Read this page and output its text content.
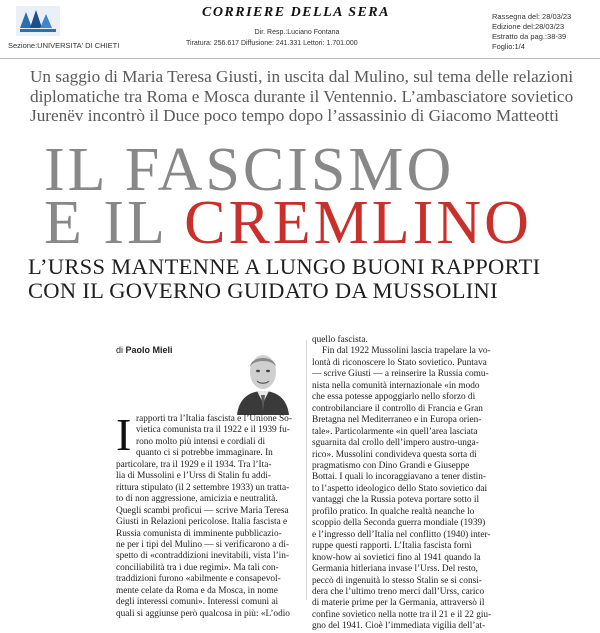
Sezione:UNIVERSITA' DI CHIETI
CORRIERE DELLA SERA
Dir. Resp.:Luciano Fontana
Tiratura: 256.617 Diffusione: 241.331 Lettori: 1.701.000
Rassegna del: 28/03/23
Edizione del:28/03/23
Estratto da pag.:38-39
Foglio:1/4
Un saggio di Maria Teresa Giusti, in uscita dal Mulino, sul tema delle relazioni diplomatiche tra Roma e Mosca durante il Ventennio. L’ambasciatore sovietico Jurenëv incontrò il Duce poco tempo dopo l’assassinio di Giacomo Matteotti
IL FASCISMO
E IL CREMLINO
L’URSS MANTENNE A LUNGO BUONI RAPPORTI
CON IL GOVERNO GUIDATO DA MUSSOLINI
di Paolo Mieli
I rapporti tra l’Italia fascista e l’Unione So-
vietica comunista tra il 1922 e il 1939 fu-
rono molto più intensi e cordiali di
quanto ci si potrebbe immaginare. In
particolare, tra il 1929 e il 1934. Tra l’Ita-
lia di Mussolini e l’Urss di Stalin fu addi-
rittura stipulato (il 2 settembre 1933) un tratta-
to di non aggressione, amicizia e neutralità.
Quegli scambi proficui — scrive Maria Teresa
Giusti in Relazioni pericolose. Italia fascista e
Russia comunista di imminente pubblicazio-
ne per i tipi del Mulino — si verificarono a di-
spetto di «contraddizioni inevitabili, vista l’in-
conciliabilità tra i due regimi». Ma tali con-
traddizioni furono «abilmente e consapevol-
mente celate da Roma e da Mosca, in nome
degli interessi comuni». Interessi comuni ai
quali si aggiunse però qualcosa in più: «L’odio
quello fascista.
Fin dal 1922 Mussolini lascia trapelare la vo-
lontà di riconoscere lo Stato sovietico. Puntava
— scrive Giusti — a reinserire la Russia comu-
nista nella comunità internazionale «in modo
che essa potesse appoggiarlo nello sforzo di
controbilanciare il controllo di Francia e Gran
Bretagna nel Mediterraneo e in Europa orien-
tale». Particolarmente «in quell’area lasciata
sguarnita dal crollo dell’impero austro-unga-
rico». Mussolini condivideva questa sorta di
pragmatismo con Dino Grandi e Giuseppe
Bottai. I quali lo incoraggiavano a tener distin-
to l’aspetto ideologico dello Stato sovietico dai
vantaggi che la Russia poteva portare sotto il
profilo pratico. In qualche realtà neanche lo
scoppio della Seconda guerra mondiale (1939)
e l’ingresso dell’Italia nel conflitto (1940) inter-
ruppe questi rapporti. L’Italia fascista fornì
know-how ai sovietici fino al 1941 quando la
Germania hitleriana invase l’Urss. Del resto,
peccò di ingenuità lo stesso Stalin se si consi-
dera che l’ultimo treno merci dall’Urss, carico
di materie prime per la Germania, attraversò il
confine sovietico nella notte tra il 21 e il 22 giu-
gno del 1941. Cioè l’immediata vigilia dell’at-
